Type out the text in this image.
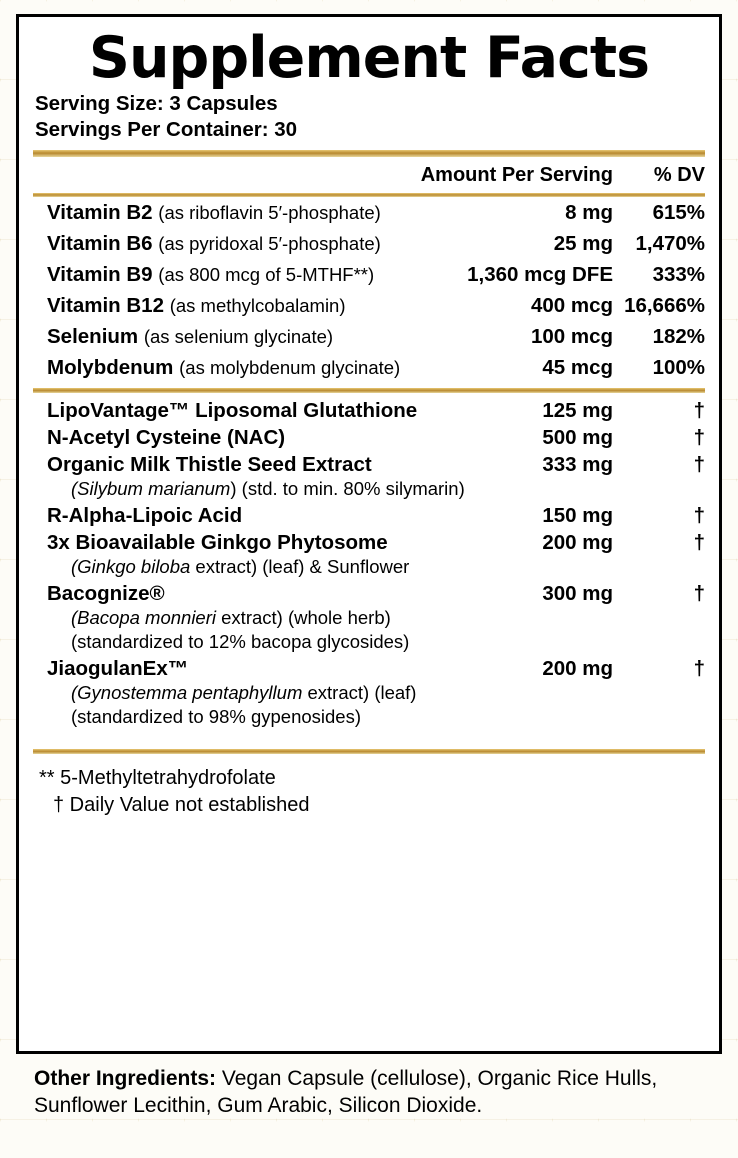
Supplement Facts
Serving Size: 3 Capsules
Servings Per Container: 30
	Amount Per Serving	% DV
Vitamin B2 (as riboflavin 5′-phosphate)	8 mg	615%
Vitamin B6 (as pyridoxal 5′-phosphate)	25 mg	1,470%
Vitamin B9 (as 800 mcg of 5-MTHF**)	1,360 mcg DFE	333%
Vitamin B12 (as methylcobalamin)	400 mcg	16,666%
Selenium (as selenium glycinate)	100 mcg	182%
Molybdenum (as molybdenum glycinate)	45 mcg	100%
LipoVantage™ Liposomal Glutathione	125 mg	†
N-Acetyl Cysteine (NAC)	500 mg	†
Organic Milk Thistle Seed Extract	333 mg	†
(Silybum marianum) (std. to min. 80% silymarin)		
R-Alpha-Lipoic Acid	150 mg	†
3x Bioavailable Ginkgo Phytosome	200 mg	†
(Ginkgo biloba extract) (leaf) & Sunflower		
Bacognize®	300 mg	†
(Bacopa monnieri extract) (whole herb)		
(standardized to 12% bacopa glycosides)		
JiaogulanEx™	200 mg	†
(Gynostemma pentaphyllum extract) (leaf)		
(standardized to 98% gypenosides)		
** 5-Methyltetrahydrofolate
† Daily Value not established
Other Ingredients: Vegan Capsule (cellulose), Organic Rice Hulls, Sunflower Lecithin, Gum Arabic, Silicon Dioxide.
